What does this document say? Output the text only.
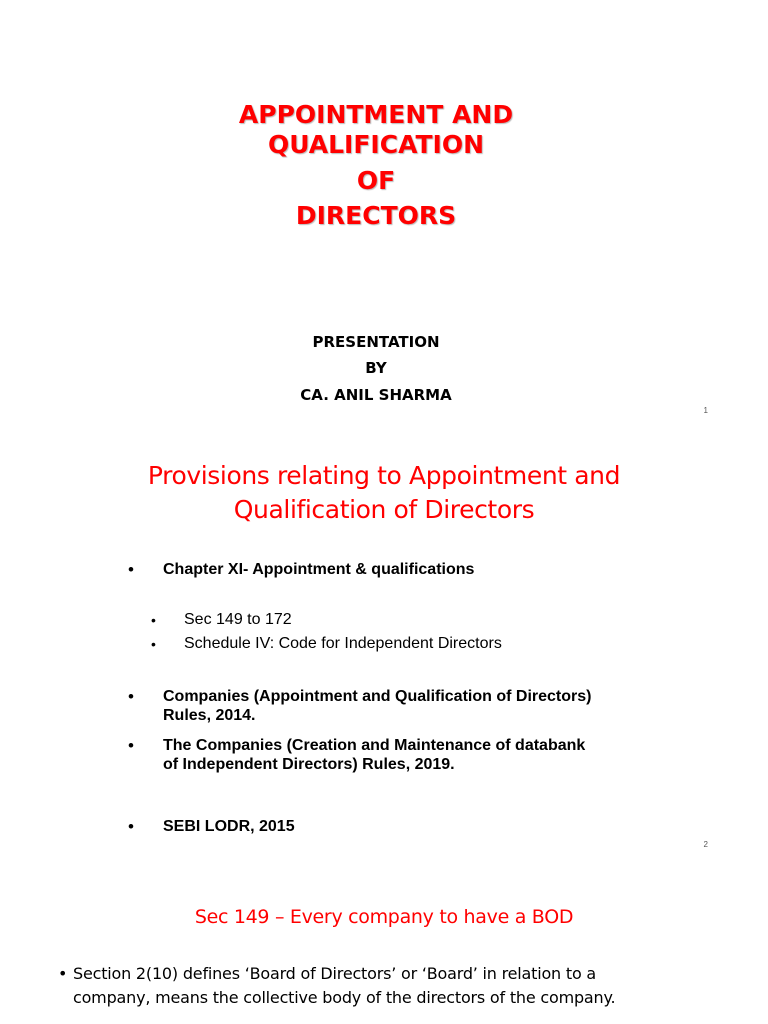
APPOINTMENT AND
QUALIFICATION
OF
DIRECTORS
PRESENTATION
BY
CA. ANIL SHARMA
1
Provisions relating to Appointment and
Qualification of Directors
• Chapter XI- Appointment & qualifications
• Sec 149 to 172
• Schedule IV: Code for Independent Directors
• Companies (Appointment and Qualification of Directors)
Rules, 2014.
• The Companies (Creation and Maintenance of databank
of Independent Directors) Rules, 2019.
• SEBI LODR, 2015
2
Sec 149 – Every company to have a BOD
• Section 2(10) defines ‘Board of Directors’ or ‘Board’ in relation to a
company, means the collective body of the directors of the company.
